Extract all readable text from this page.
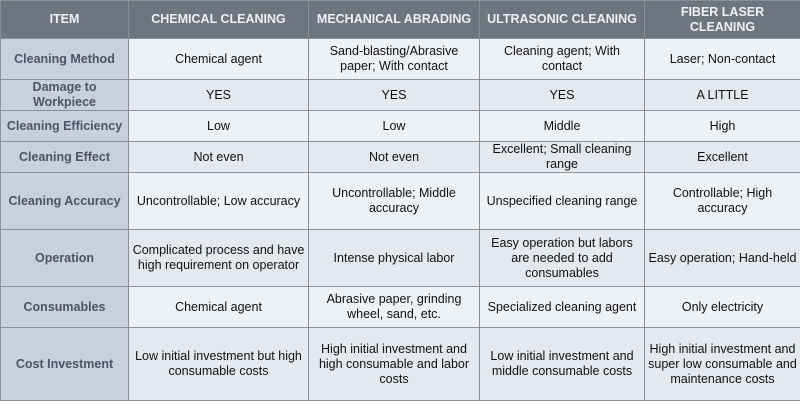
ITEM	CHEMICAL CLEANING	MECHANICAL ABRADING	ULTRASONIC CLEANING	FIBER LASER CLEANING
Cleaning Method	Chemical agent	Sand-blasting/Abrasive paper; With contact	Cleaning agent; With contact	Laser; Non-contact
Damage to Workpiece	YES	YES	YES	A LITTLE
Cleaning Efficiency	Low	Low	Middle	High
Cleaning Effect	Not even	Not even	Excellent; Small cleaning range	Excellent
Cleaning Accuracy	Uncontrollable; Low accuracy	Uncontrollable; Middle accuracy	Unspecified cleaning range	Controllable; High accuracy
Operation	Complicated process and have high requirement on operator	Intense physical labor	Easy operation but labors are needed to add consumables	Easy operation; Hand-held
Consumables	Chemical agent	Abrasive paper, grinding wheel, sand, etc.	Specialized cleaning agent	Only electricity
Cost Investment	Low initial investment but high consumable costs	High initial investment and high consumable and labor costs	Low initial investment and middle consumable costs	High initial investment and super low consumable and maintenance costs
